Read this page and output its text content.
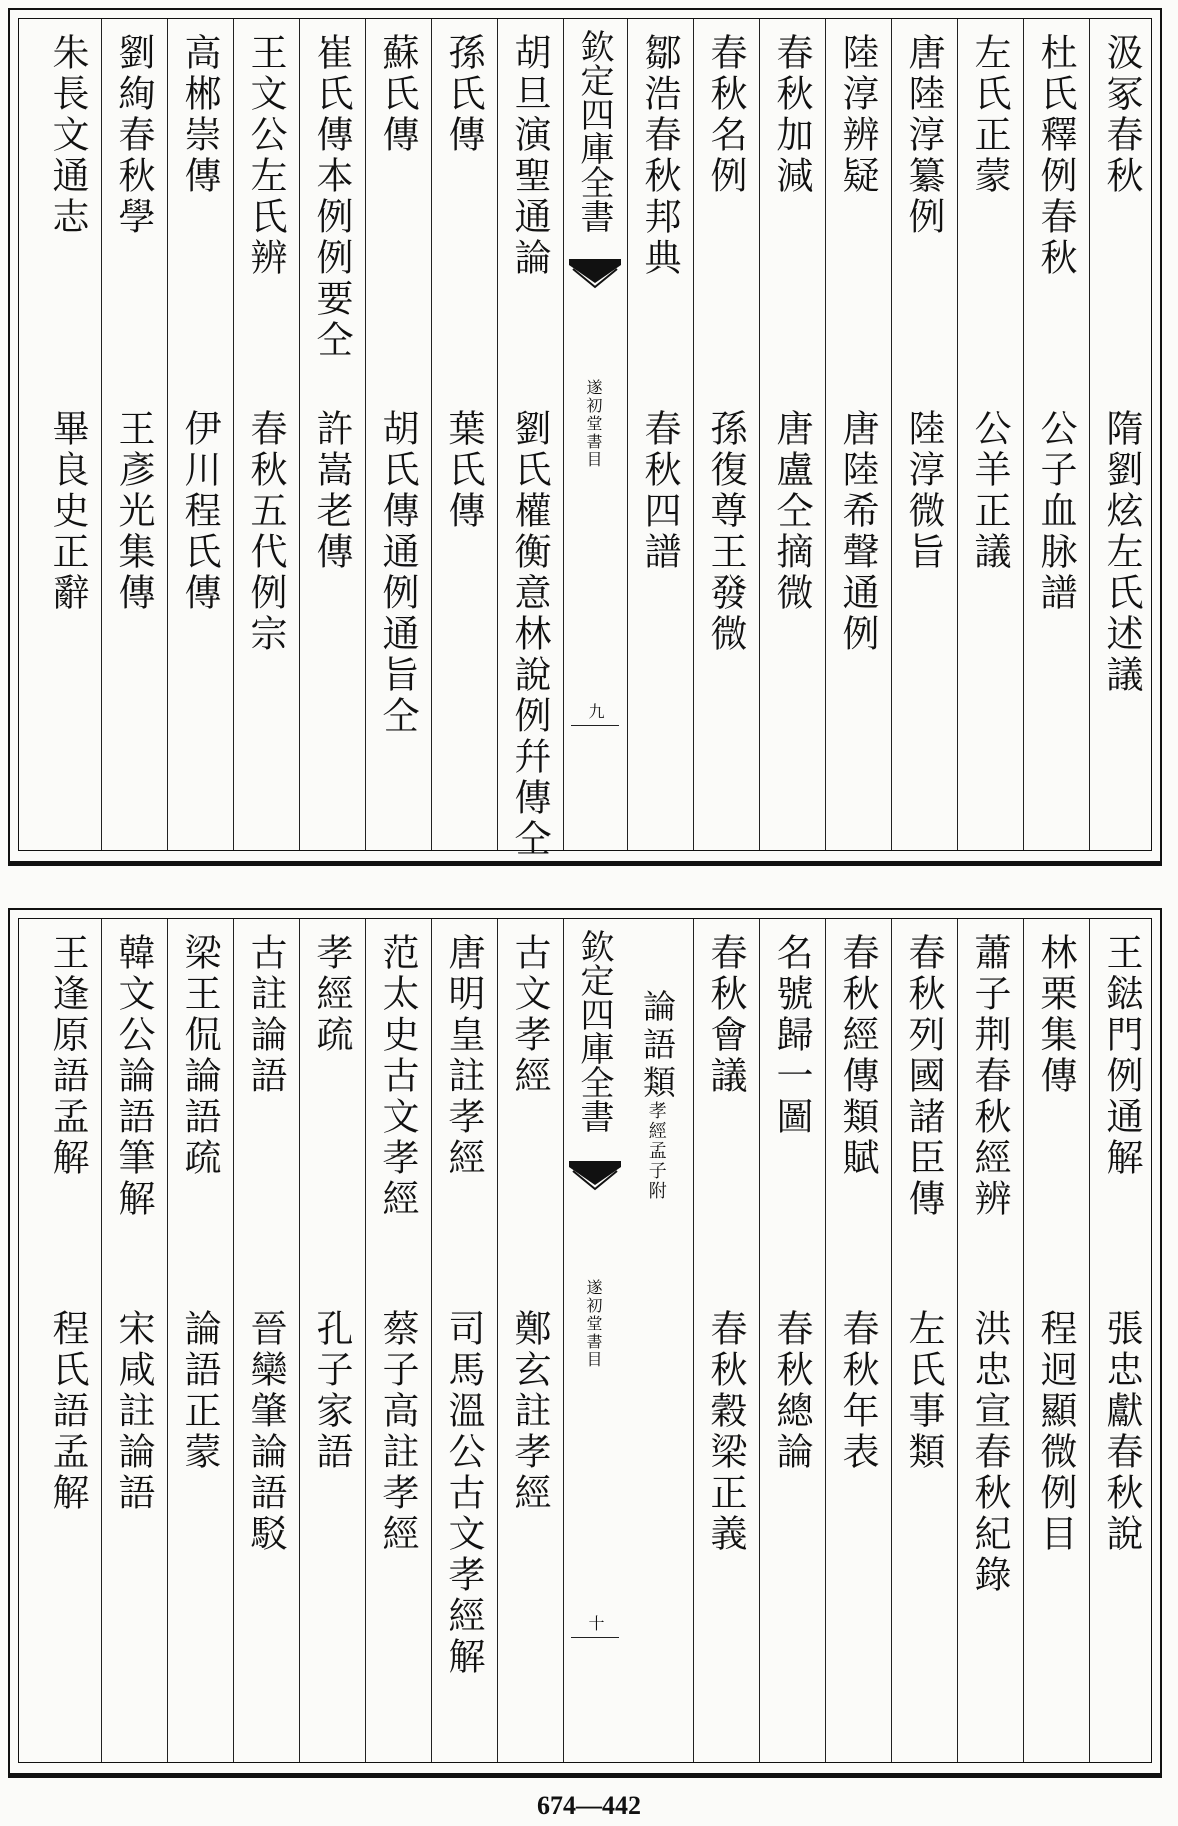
汲冢春秋
隋劉炫左氏述議
杜氏釋例春秋
公子血脉譜
左氏正蒙
公羊正議
唐陸淳纂例
陸淳微旨
陸淳辨疑
唐陸希聲通例
春秋加減
唐盧仝摘微
春秋名例
孫復尊王發微
鄒浩春秋邦典
春秋四譜
欽定四庫全書
遂初堂書目
九
胡旦演聖通論
劉氏權衡意林說例幷傳仝
孫氏傳
葉氏傳
蘇氏傳
胡氏傳通例通旨仝
崔氏傳本例例要仝
許嵩老傳
王文公左氏辨
春秋五代例宗
高郴崇傳
伊川程氏傳
劉絢春秋學
王彥光集傳
朱長文通志
畢良史正辭
王鍅門例通解
張忠獻春秋說
林栗集傳
程迥顯微例目
蕭子荆春秋經辨
洪忠宣春秋紀錄
春秋列國諸臣傳
左氏事類
春秋經傳類賦
春秋年表
名號歸一圖
春秋總論
春秋會議
春秋穀梁正義
論語類
孝經孟子附
欽定四庫全書
遂初堂書目
十
古文孝經
鄭玄註孝經
唐明皇註孝經
司馬溫公古文孝經解
范太史古文孝經
蔡子高註孝經
孝經疏
孔子家語
古註論語
晉欒肇論語駁
梁王侃論語疏
論語正蒙
韓文公論語筆解
宋咸註論語
王逢原語孟解
程氏語孟解
674—442
